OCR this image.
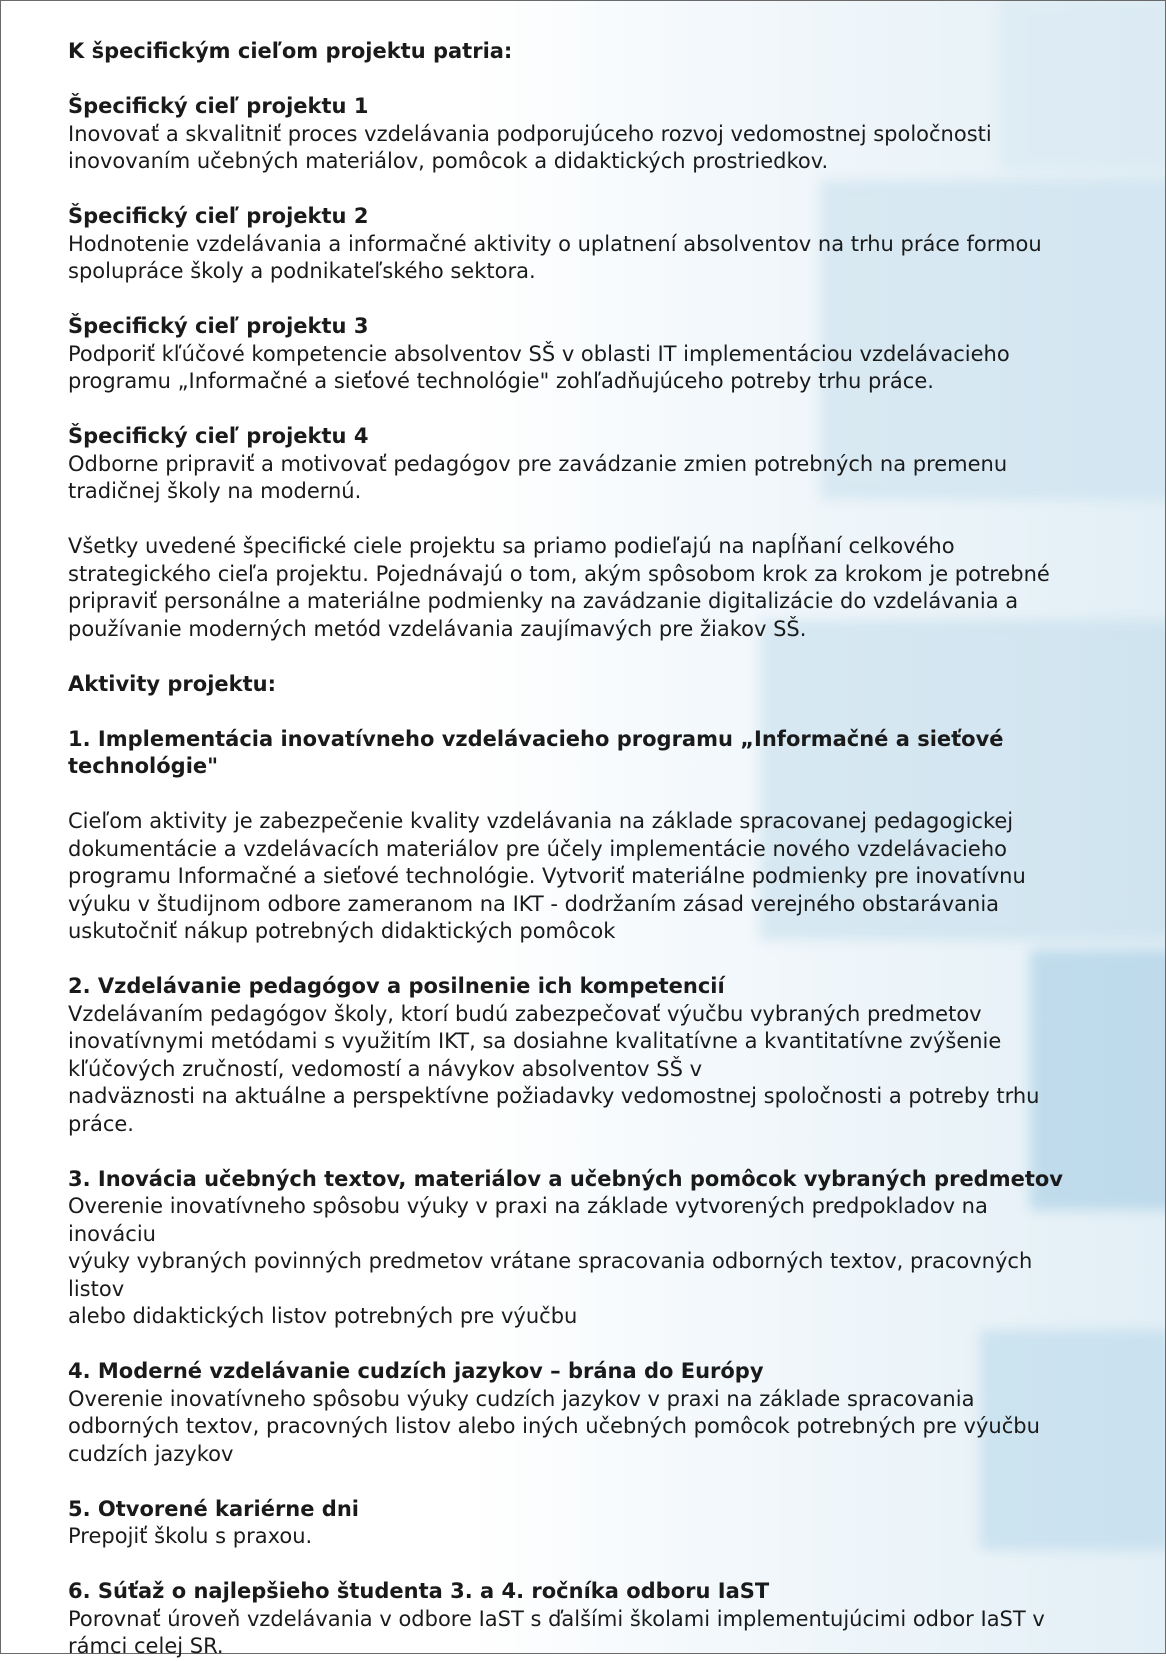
K špecifickým cieľom projektu patria:

Špecifický cieľ projektu 1

Inovovať a skvalitniť proces vzdelávania podporujúceho rozvoj vedomostnej spoločnosti
inovovaním učebných materiálov, pomôcok a didaktických prostriedkov.

Špecifický cieľ projektu 2

Hodnotenie vzdelávania a informačné aktivity o uplatnení absolventov na trhu práce formou
spolupráce školy a podnikateľského sektora.

Špecifický cieľ projektu 3

Podporiť kľúčové kompetencie absolventov SŠ v oblasti IT implementáciou vzdelávacieho
programu „Informačné a sieťové technológie" zohľadňujúceho potreby trhu práce.

Špecifický cieľ projektu 4

Odborne pripraviť a motivovať pedagógov pre zavádzanie zmien potrebných na premenu
tradičnej školy na modernú.

Všetky uvedené špecifické ciele projektu sa priamo podieľajú na napĺňaní celkového
strategického cieľa projektu. Pojednávajú o tom, akým spôsobom krok za krokom je potrebné
pripraviť personálne a materiálne podmienky na zavádzanie digitalizácie do vzdelávania a
používanie moderných metód vzdelávania zaujímavých pre žiakov SŠ.

Aktivity projektu:

1. Implementácia inovatívneho vzdelávacieho programu „Informačné a sieťové
technológie"

Cieľom aktivity je zabezpečenie kvality vzdelávania na základe spracovanej pedagogickej
dokumentácie a vzdelávacích materiálov pre účely implementácie nového vzdelávacieho
programu Informačné a sieťové technológie. Vytvoriť materiálne podmienky pre inovatívnu
výuku v študijnom odbore zameranom na IKT - dodržaním zásad verejného obstarávania
uskutočniť nákup potrebných didaktických pomôcok

2. Vzdelávanie pedagógov a posilnenie ich kompetencií

Vzdelávaním pedagógov školy, ktorí budú zabezpečovať výučbu vybraných predmetov
inovatívnymi metódami s využitím IKT, sa dosiahne kvalitatívne a kvantitatívne zvýšenie
kľúčových zručností, vedomostí a návykov absolventov SŠ v
nadväznosti na aktuálne a perspektívne požiadavky vedomostnej spoločnosti a potreby trhu
práce.

3. Inovácia učebných textov, materiálov a učebných pomôcok vybraných predmetov

Overenie inovatívneho spôsobu výuky v praxi na základe vytvorených predpokladov na inováciu
výuky vybraných povinných predmetov vrátane spracovania odborných textov, pracovných listov
alebo didaktických listov potrebných pre výučbu

4. Moderné vzdelávanie cudzích jazykov – brána do Európy

Overenie inovatívneho spôsobu výuky cudzích jazykov v praxi na základe spracovania
odborných textov, pracovných listov alebo iných učebných pomôcok potrebných pre výučbu
cudzích jazykov

5. Otvorené kariérne dni

Prepojiť školu s praxou.

6. Súťaž o najlepšieho študenta 3. a 4. ročníka odboru IaST

Porovnať úroveň vzdelávania v odbore IaST s ďalšími školami implementujúcimi odbor IaST v
rámci celej SR.
